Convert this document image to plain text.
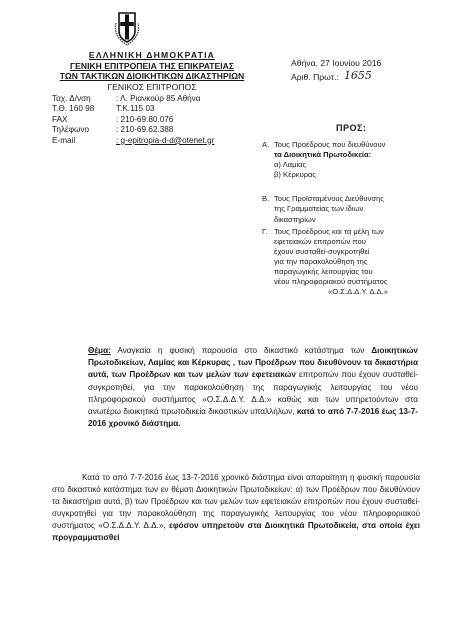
ΕΛΛΗΝΙΚΗ ΔΗΜΟΚΡΑΤΙΑ
ΓΕΝΙΚΗ ΕΠΙΤΡΟΠΕΙΑ ΤΗΣ ΕΠΙΚΡΑΤΕΙΑΣ
ΤΩΝ ΤΑΚΤΙΚΩΝ ΔΙΟΙΚΗΤΙΚΩΝ ΔΙΚΑΣΤΗΡΙΩΝ
ΓΕΝΙΚΟΣ ΕΠΙΤΡΟΠΟΣ
Ταχ. Δ/νση	: Λ. Ριανκούρ 85 Αθήνα
Τ.Θ. 160 98	Τ.Κ.115 03
FAX	: 210-69.80.076
Τηλέφωνο	: 210-69.62.388
E-mail	: g-epitropia-d-d@otenet.gr
Αθήνα, 27 Ιουνίου 2016
Αριθ. Πρωτ.: 1655
ΠΡΟΣ:
Α. Τους Προέδρους που διευθύνουν
τα Διοικητικά Πρωτοδικεία:
α) Λαμίας
β) Κέρκυρας
Β. Τους Προϊσταμένους Διεύθυνσης
της Γραμματείας των ίδιων
δικαστηρίων
Γ. Τους Προέδρους και τα μέλη των
εφετειακών επιτροπών που
έχουν συσταθεί-συγκροτηθεί
για την παρακολούθηση της
παραγωγικής λειτουργίας του
νέου πληροφοριακού συστήματος
«Ο.Σ.Δ.Δ.Υ. Δ.Δ.»
Θέμα: Αναγκαία η φυσική παρουσία στο δικαστικό κατάστημα των Διοικητικών Πρωτοδικείων, Λαμίας και Κέρκυρας , των Προέδρων που διευθύνουν τα δικαστήρια αυτά, των Προέδρων και των μελών των εφετειακών επιτροπών που έχουν συσταθεί-συγκροτηθεί, για την παρακολούθηση της παραγωγικής λειτουργίας του νέου πληροφοριακού συστήματος «Ο.Σ.Δ.Δ.Υ. Δ.Δ.» καθώς και των υπηρετούντων στα ανωτέρω διοικητικά πρωτοδικεία δικαστικών υπαλλήλων, κατά το από 7-7-2016 έως 13-7-2016 χρονικό διάστημα.
Κατά το από 7-7-2016 έως 13-7-2016 χρονικό διάστημα είναι απαραίτητη η φυσική παρουσία στο δικαστικό κατάστημα των εν θέματι Διοικητικών Πρωτοδικείων: α) των Προέδρων που διευθύνουν τα δικαστήρια αυτά, β) των Προέδρων και των μελών των εφετειακών επιτροπών που έχουν συσταθεί-συγκροτηθεί για την παρακολούθηση της παραγωγικής λειτουργίας του νέου πληροφοριακού συστήματος «Ο.Σ.Δ.Δ.Υ. Δ.Δ.», εφόσον υπηρετούν στα Διοικητικά Πρωτοδικεία, στα οποία έχει προγραμματισθεί
